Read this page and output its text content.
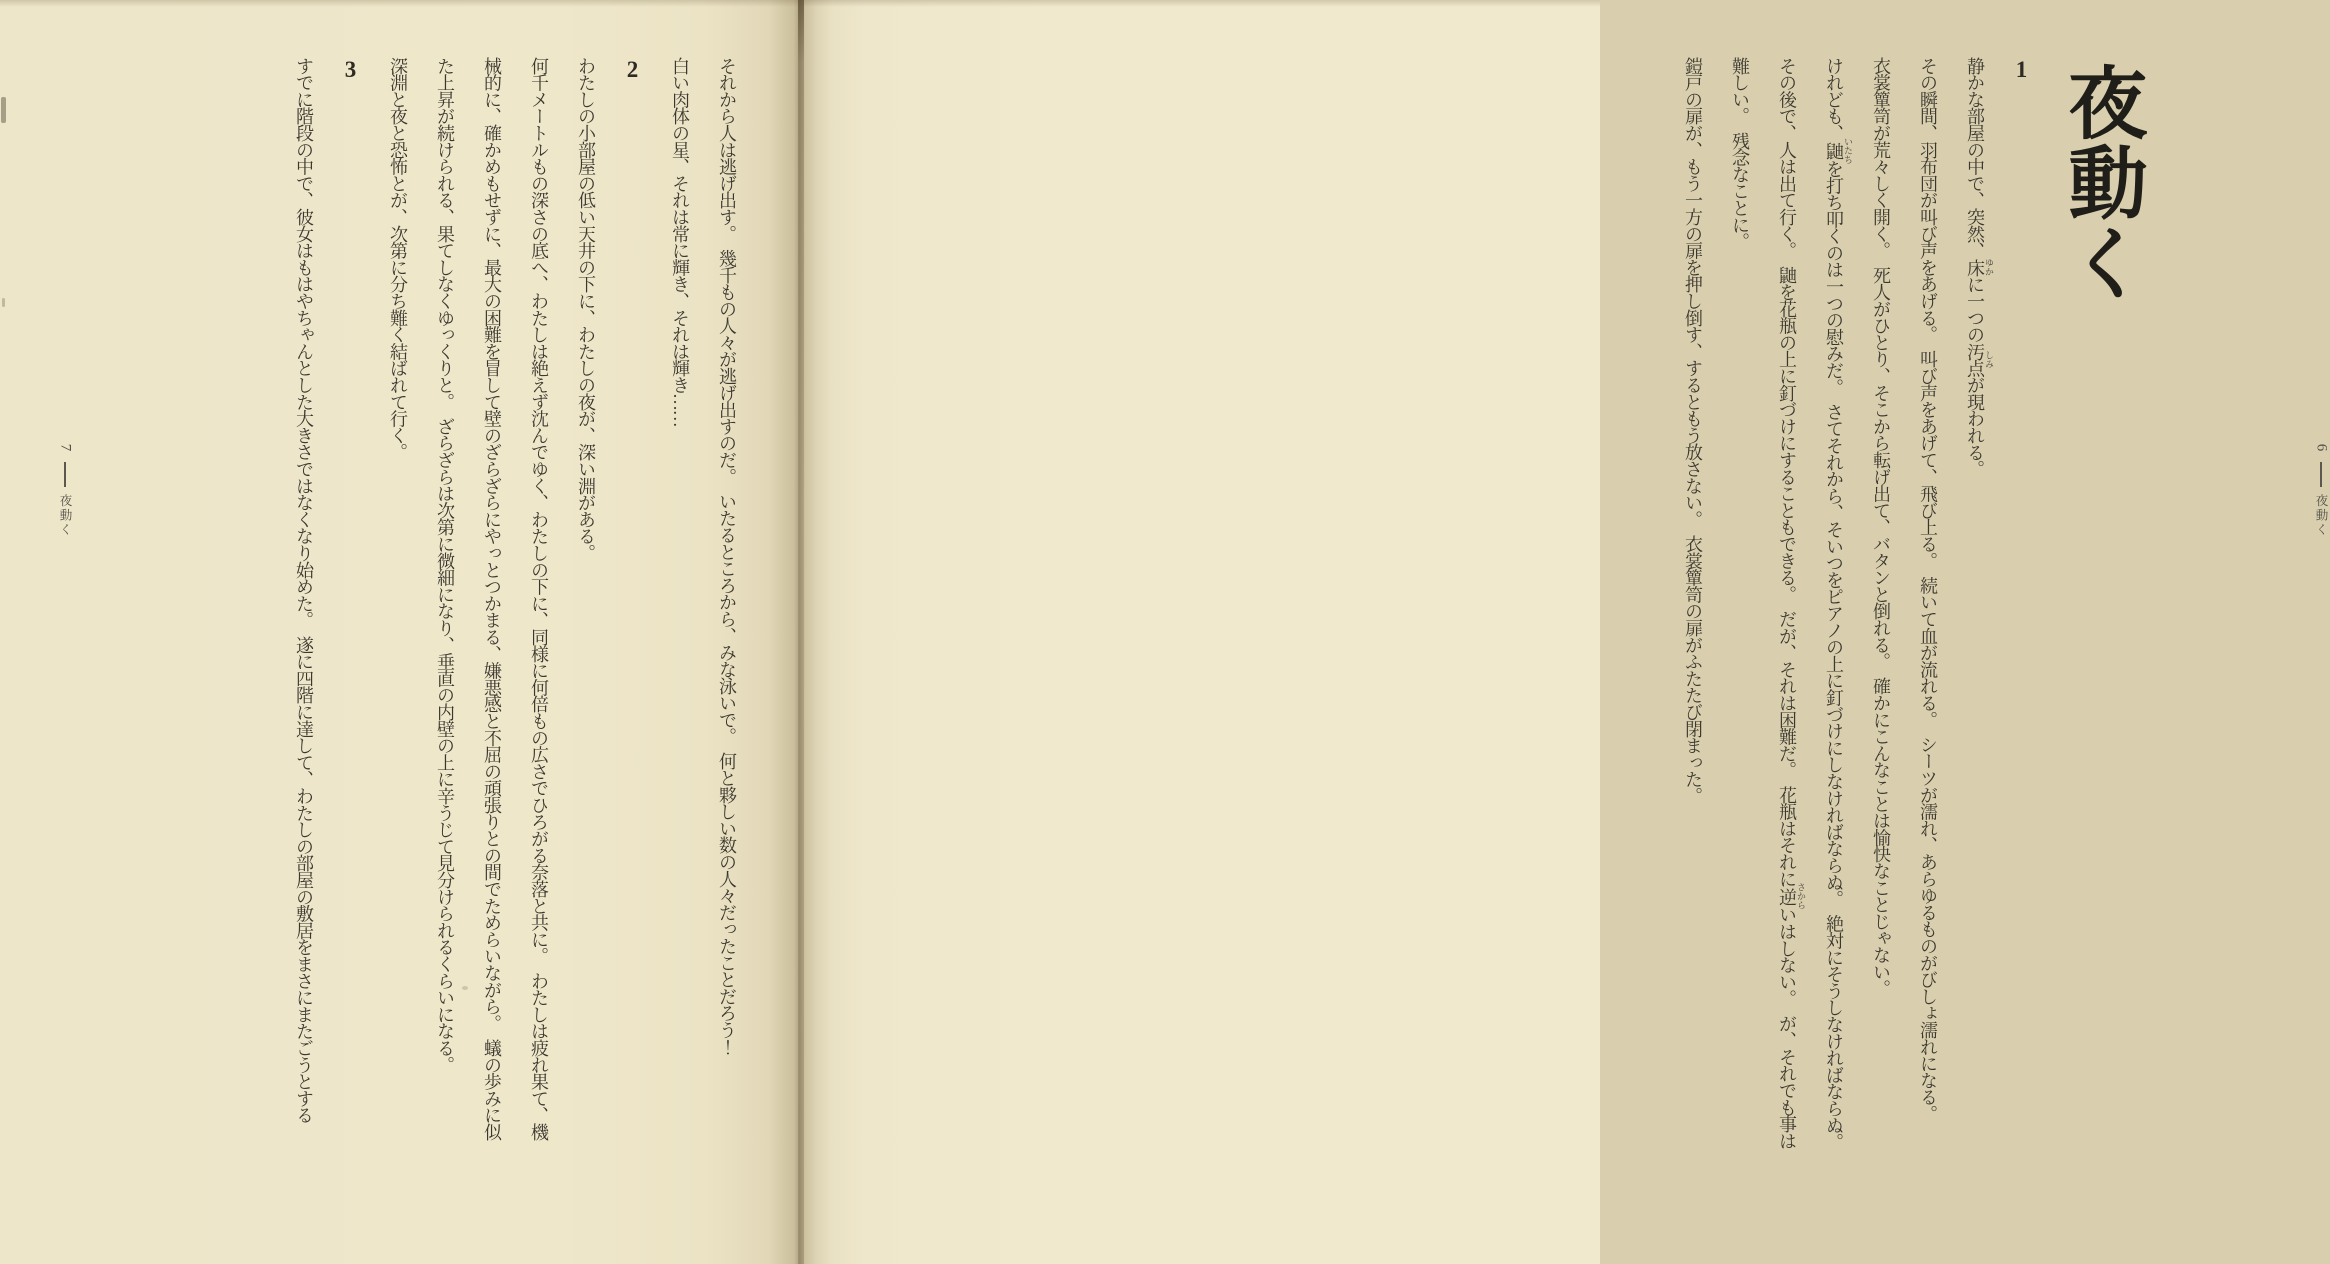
夜動く
1

静かな部屋の中で、突然、床 ゆかに一つの汚点 しみが現われる。

その瞬間、羽布団が叫び声をあげる。　叫び声をあげて、飛び上る。　続いて血が流れる。　シーツが濡れ、あらゆるものがびしょ濡れになる。

衣裳簞笥が荒々しく開く。　死人がひとり、そこから転げ出て、バタンと倒れる。　確かにこんなことは愉快なことじゃない。

けれども、鼬 いたちを打ち叩くのは一つの慰みだ。　さてそれから、そいつをピアノの上に釘づけにしなければならぬ。　絶対にそうしなければならぬ。　その後で、人は出て行く。　鼬を花瓶の上に釘づけにすることもできる。　だが、それは困難だ。　花瓶はそれに逆 さからいはしない。　が、それでも事は難しい。　残念なことに。

鎧戸の扉が、もう一方の扉を押し倒す、するともう放さない。　衣裳簞笥の扉がふたたび閉まった。	6
夜動く

それから人は逃げ出す。　幾千もの人々が逃げ出すのだ。　いたるところから、みな泳いで。　何と夥しい数の人々だったことだろう！

白い肉体の星、それは常に輝き、それは輝き……

2

わたしの小部屋の低い天井の下に、わたしの夜が、深い淵がある。

何千メートルもの深さの底へ、わたしは絶えず沈んでゆく、わたしの下に、同様に何倍もの広さでひろがる奈落と共に。　わたしは疲れ果て、機械的に、確かめもせずに、最大の困難を冒して壁のざらざらにやっとつかまる、嫌悪感と不屈の頑張りとの間でためらいながら。　蟻の歩みに似た上昇が続けられる、果てしなくゆっくりと。　ざらざらは次第に微細になり、垂直の内壁の上に辛うじて見分けられるくらいになる。

深淵と夜と恐怖とが、次第に分ち難く結ばれて行く。

3

すでに階段の中で、彼女はもはやちゃんとした大きさではなくなり始めた。　遂に四階に達して、わたしの部屋の敷居をまさにまたごうとする

7
夜動く
